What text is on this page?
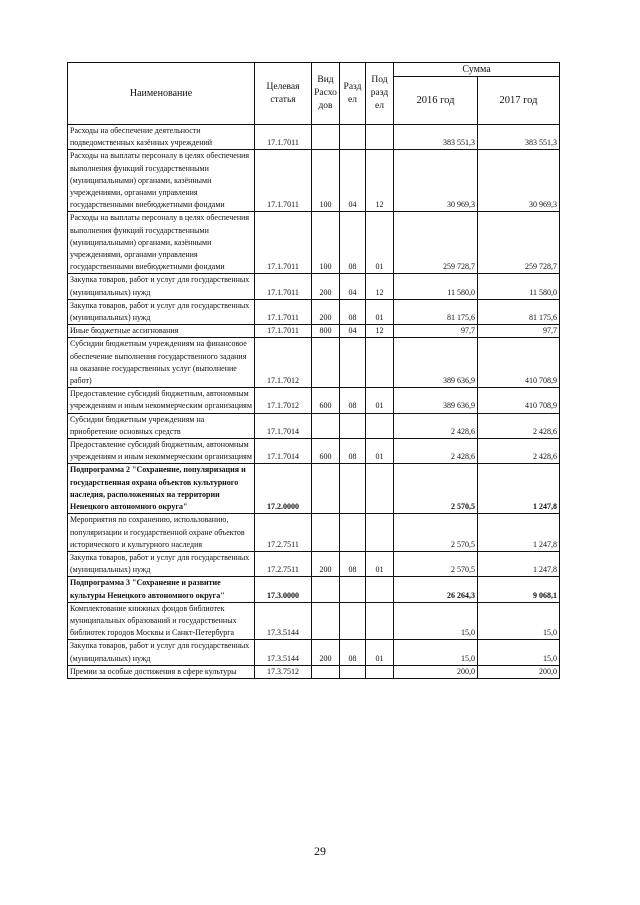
Наименование	Целевая статья	Вид Расхо дов	Разд ел	Под разд ел	Сумма	
					2016 год	2017 год
Расходы на обеспечение деятельности подведомственных казённых учреждений	17.1.7011				383 551,3	383 551,3
Расходы на выплаты персоналу в целях обеспечения выполнения функций государственными (муниципальными) органами, казёнными учреждениями, органами управления государственными внебюджетными фондами	17.1.7011	100	04	12	30 969,3	30 969,3
Расходы на выплаты персоналу в целях обеспечения выполнения функций государственными (муниципальными) органами, казёнными учреждениями, органами управления государственными внебюджетными фондами	17.1.7011	100	08	01	259 728,7	259 728,7
Закупка товаров, работ и услуг для государственных (муниципальных) нужд	17.1.7011	200	04	12	11 580,0	11 580,0
Закупка товаров, работ и услуг для государственных (муниципальных) нужд	17.1.7011	200	08	01	81 175,6	81 175,6
Иные бюджетные ассигнования	17.1.7011	800	04	12	97,7	97,7
Субсидии бюджетным учреждениям на финансовое обеспечение выполнения государственного задания на оказание государственных услуг (выполнение работ)	17.1.7012				389 636,9	410 708,9
Предоставление субсидий бюджетным, автономным учреждениям и иным некоммерческим организациям	17.1.7012	600	08	01	389 636,9	410 708,9
Субсидии бюджетным учреждениям на приобретение основных средств	17.1.7014				2 428,6	2 428,6
Предоставление субсидий бюджетным, автономным учреждениям и иным некоммерческим организациям	17.1.7014	600	08	01	2 428,6	2 428,6
Подпрограмма 2 "Сохранение, популяризация и государственная охрана объектов культурного наследия, расположенных на территории Ненецкого автономного округа"	17.2.0000				2 570,5	1 247,8
Мероприятия по сохранению, использованию, популяризации и государственной охране объектов исторического и культурного наследия	17.2.7511				2 570,5	1 247,8
Закупка товаров, работ и услуг для государственных (муниципальных) нужд	17.2.7511	200	08	01	2 570,5	1 247,8
Подпрограмма 3 "Сохранение и развитие культуры Ненецкого автономного округа"	17.3.0000				26 264,3	9 068,1
Комплектование книжных фондов библиотек муниципальных образований и государственных библиотек городов Москвы и Санкт-Петербурга	17.3.5144				15,0	15,0
Закупка товаров, работ и услуг для государственных (муниципальных) нужд	17.3.5144	200	08	01	15,0	15,0
Премии за особые достижения в сфере культуры	17.3.7512				200,0	200,0
29
